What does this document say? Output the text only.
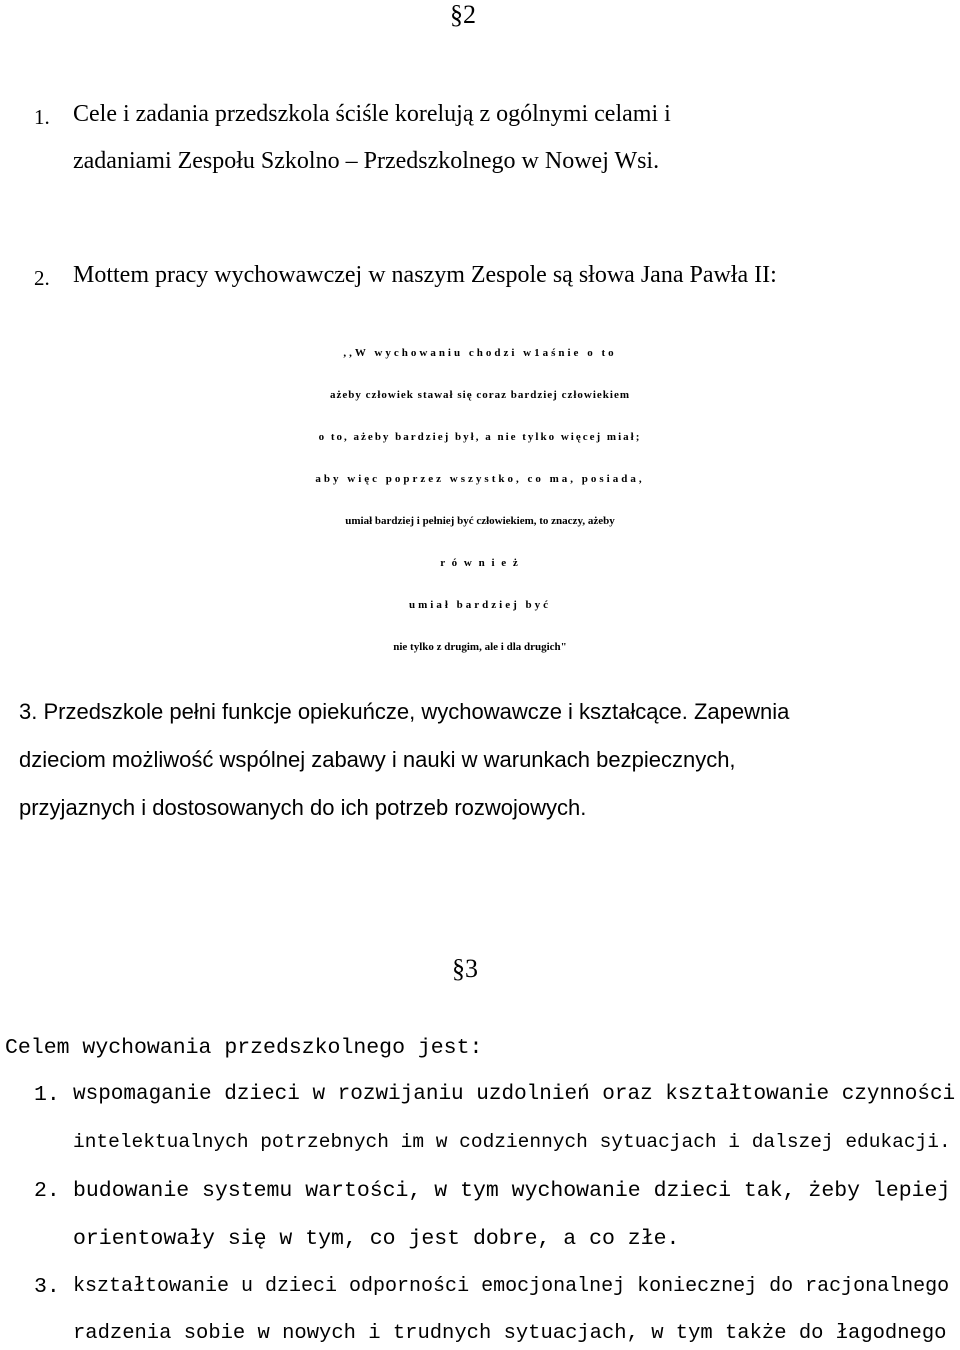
§2
1. Cele i zadania przedszkola ściśle korelują z ogólnymi celami i
zadaniami Zespołu Szkolno – Przedszkolnego w Nowej Wsi.
2. Mottem pracy wychowawczej w naszym Zespole są słowa Jana Pawła II:
,,W wychowaniu chodzi w1aśnie o to
ażeby człowiek stawał się coraz bardziej człowiekiem
o to, ażeby bardziej był, a nie tylko więcej miał;
aby więc poprzez wszystko, co ma, posiada,
umiał bardziej i pełniej być człowiekiem, to znaczy, ażeby
r ó w n i e ż
umiał bardziej być
nie tylko z drugim, ale i dla drugich"
3. Przedszkole pełni funkcje opiekuńcze, wychowawcze i kształcące. Zapewnia
dzieciom możliwość wspólnej zabawy i nauki w warunkach bezpiecznych,
przyjaznych i dostosowanych do ich potrzeb rozwojowych.
§3
Celem wychowania przedszkolnego jest:
1. wspomaganie dzieci w rozwijaniu uzdolnień oraz kształtowanie czynności
intelektualnych potrzebnych im w codziennych sytuacjach i dalszej edukacji.
2. budowanie systemu wartości, w tym wychowanie dzieci tak, żeby lepiej
orientowały się w tym, co jest dobre, a co złe.
3. kształtowanie u dzieci odporności emocjonalnej koniecznej do racjonalnego
radzenia sobie w nowych i trudnych sytuacjach, w tym także do łagodnego
